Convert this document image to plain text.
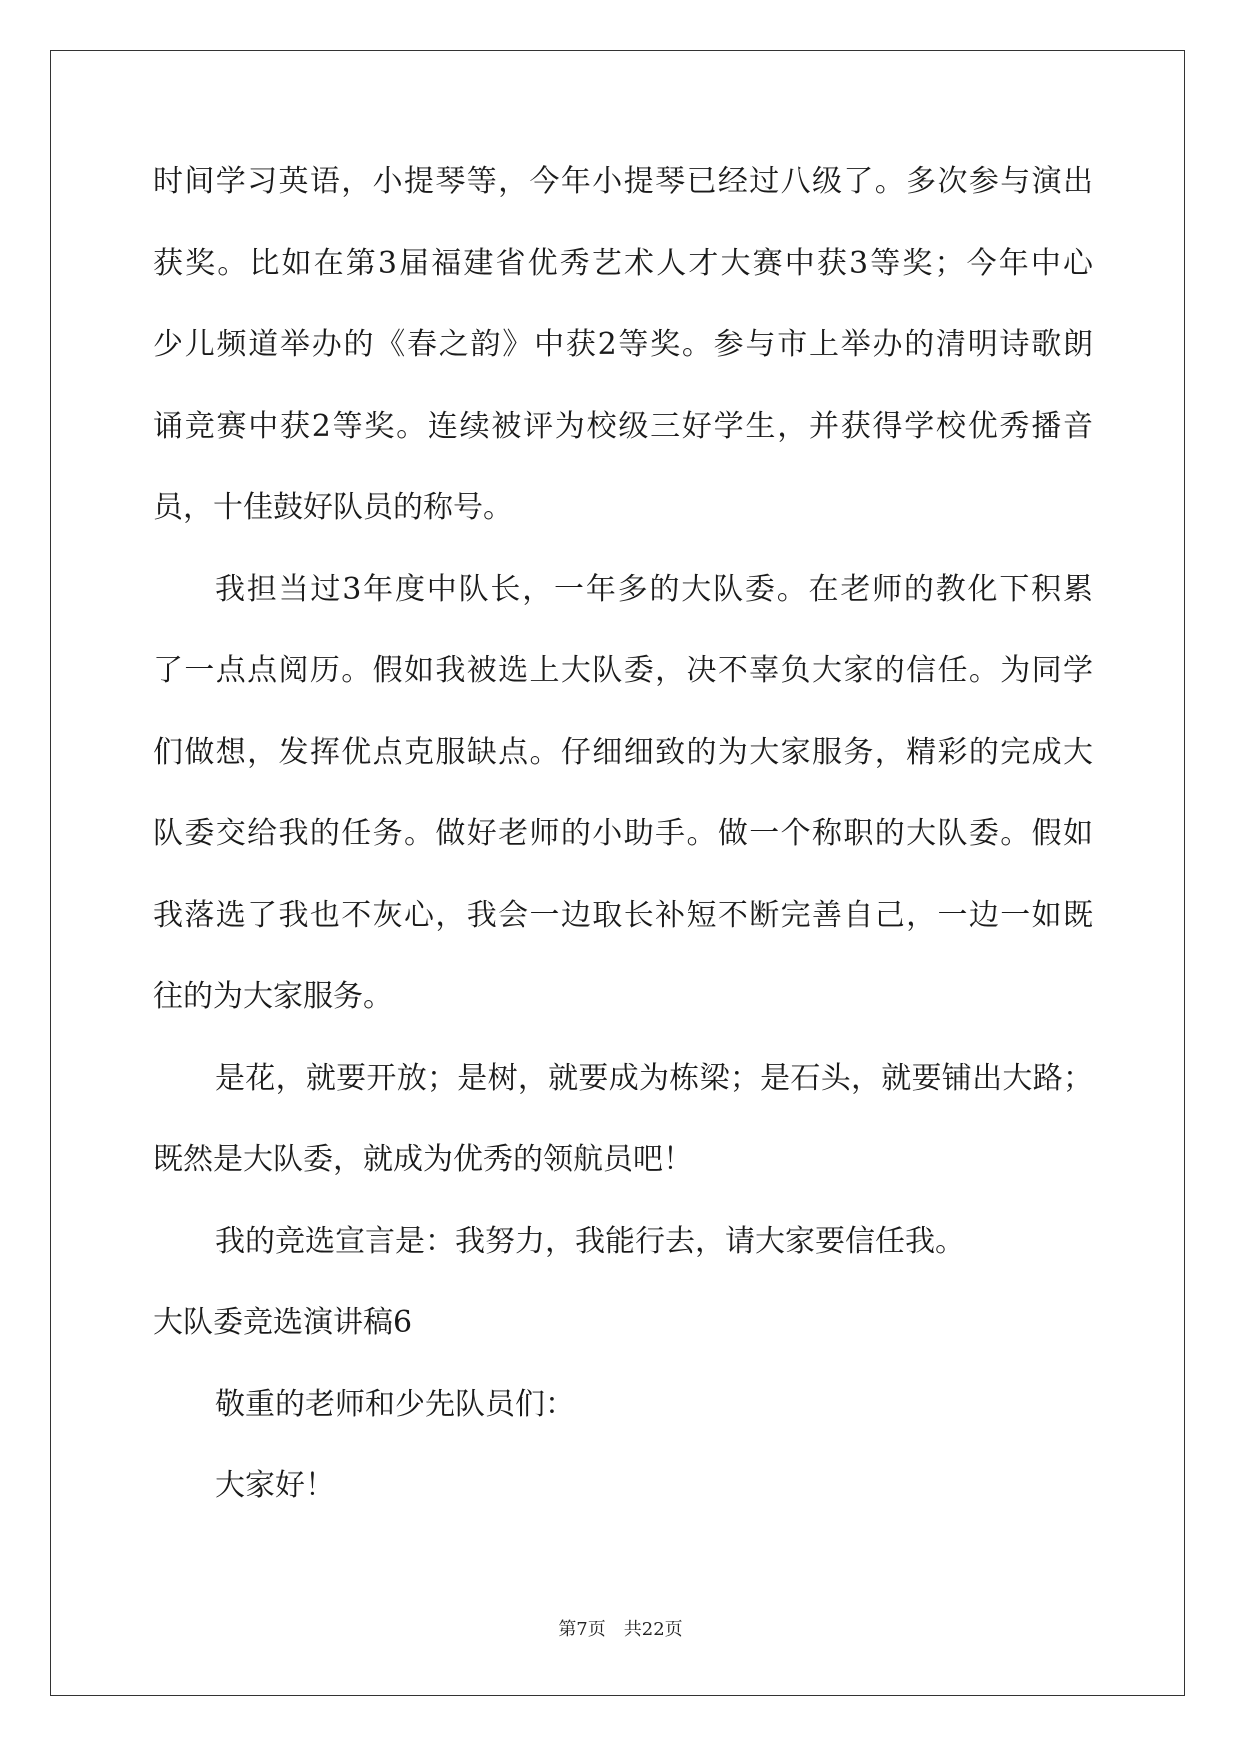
时间学习英语，小提琴等，今年小提琴已经过八级了。多次参与演出
获奖。比如在第3届福建省优秀艺术人才大赛中获3等奖；今年中心
少儿频道举办的《春之韵》中获2等奖。参与市上举办的清明诗歌朗
诵竞赛中获2等奖。连续被评为校级三好学生，并获得学校优秀播音
员，十佳鼓好队员的称号。
我担当过3年度中队长，一年多的大队委。在老师的教化下积累
了一点点阅历。假如我被选上大队委，决不辜负大家的信任。为同学
们做想，发挥优点克服缺点。仔细细致的为大家服务，精彩的完成大
队委交给我的任务。做好老师的小助手。做一个称职的大队委。假如
我落选了我也不灰心，我会一边取长补短不断完善自己，一边一如既
往的为大家服务。
是花，就要开放；是树，就要成为栋梁；是石头，就要铺出大路；
既然是大队委，就成为优秀的领航员吧！
我的竞选宣言是：我努力，我能行去，请大家要信任我。
大队委竞选演讲稿6
敬重的老师和少先队员们：
大家好！
第7页　共22页
